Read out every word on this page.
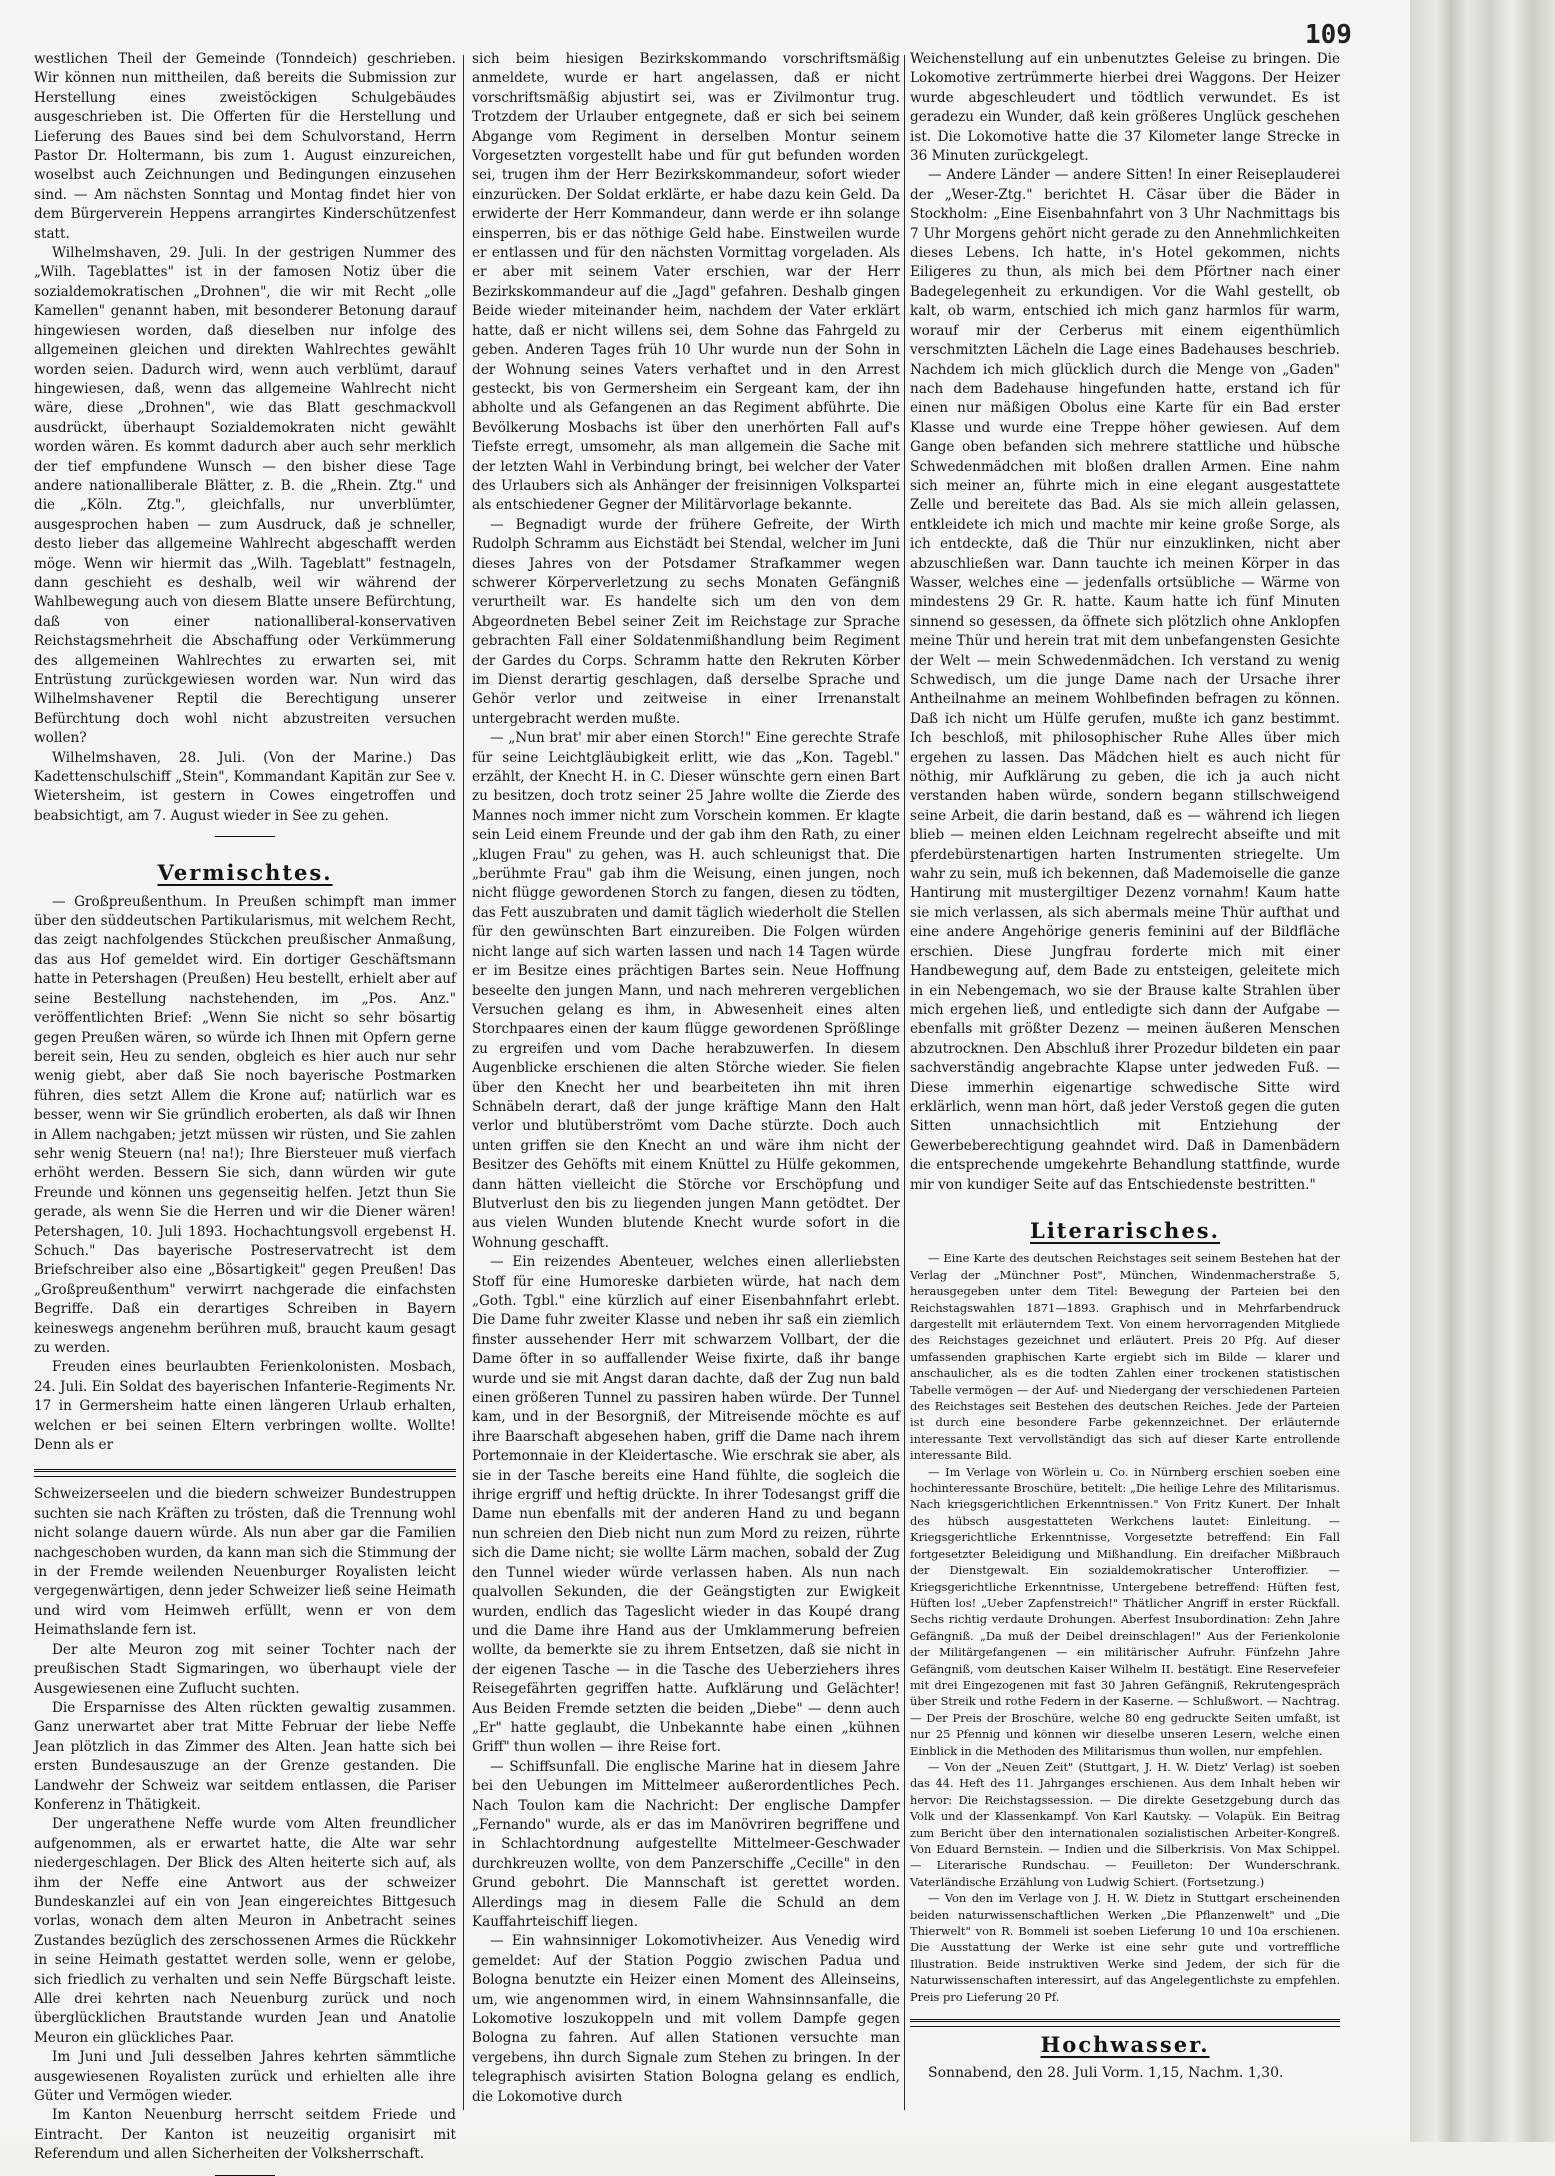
109

westlichen Theil der Gemeinde (Tonndeich) geschrieben. Wir können nun mittheilen, daß bereits die Submission zur Herstellung eines zweistöckigen Schulgebäudes ausgeschrieben ist. Die Offerten für die Herstellung und Lieferung des Baues sind bei dem Schulvorstand, Herrn Pastor Dr. Holtermann, bis zum 1. August einzureichen, woselbst auch Zeichnungen und Bedingungen einzusehen sind. — Am nächsten Sonntag und Montag findet hier von dem Bürgerverein Heppens arrangirtes Kinderschützenfest statt.

Wilhelmshaven, 29. Juli. In der gestrigen Nummer des „Wilh. Tageblattes" ist in der famosen Notiz über die sozialdemokratischen „Drohnen", die wir mit Recht „olle Kamellen" genannt haben, mit besonderer Betonung darauf hingewiesen worden, daß dieselben nur infolge des allgemeinen gleichen und direkten Wahlrechtes gewählt worden seien. Dadurch wird, wenn auch verblümt, darauf hingewiesen, daß, wenn das allgemeine Wahlrecht nicht wäre, diese „Drohnen", wie das Blatt geschmackvoll ausdrückt, überhaupt Sozialdemokraten nicht gewählt worden wären. Es kommt dadurch aber auch sehr merklich der tief empfundene Wunsch — den bisher diese Tage andere nationalliberale Blätter, z. B. die „Rhein. Ztg." und die „Köln. Ztg.", gleichfalls, nur unverblümter, ausgesprochen haben — zum Ausdruck, daß je schneller, desto lieber das allgemeine Wahlrecht abgeschafft werden möge. Wenn wir hiermit das „Wilh. Tageblatt" festnageln, dann geschieht es deshalb, weil wir während der Wahlbewegung auch von diesem Blatte unsere Befürchtung, daß von einer nationalliberal-konservativen Reichstagsmehrheit die Abschaffung oder Verkümmerung des allgemeinen Wahlrechtes zu erwarten sei, mit Entrüstung zurückgewiesen worden war. Nun wird das Wilhelmshavener Reptil die Berechtigung unserer Befürchtung doch wohl nicht abzustreiten versuchen wollen?

Wilhelmshaven, 28. Juli. (Von der Marine.) Das Kadettenschulschiff „Stein", Kommandant Kapitän zur See v. Wietersheim, ist gestern in Cowes eingetroffen und beabsichtigt, am 7. August wieder in See zu gehen.

Vermischtes.

— Großpreußenthum. In Preußen schimpft man immer über den süddeutschen Partikularismus, mit welchem Recht, das zeigt nachfolgendes Stückchen preußischer Anmaßung, das aus Hof gemeldet wird. Ein dortiger Geschäftsmann hatte in Petershagen (Preußen) Heu bestellt, erhielt aber auf seine Bestellung nachstehenden, im „Pos. Anz." veröffentlichten Brief: „Wenn Sie nicht so sehr bösartig gegen Preußen wären, so würde ich Ihnen mit Opfern gerne bereit sein, Heu zu senden, obgleich es hier auch nur sehr wenig giebt, aber daß Sie noch bayerische Postmarken führen, dies setzt Allem die Krone auf; natürlich war es besser, wenn wir Sie gründlich eroberten, als daß wir Ihnen in Allem nachgaben; jetzt müssen wir rüsten, und Sie zahlen sehr wenig Steuern (na! na!); Ihre Biersteuer muß vierfach erhöht werden. Bessern Sie sich, dann würden wir gute Freunde und können uns gegenseitig helfen. Jetzt thun Sie gerade, als wenn Sie die Herren und wir die Diener wären! Petershagen, 10. Juli 1893. Hochachtungsvoll ergebenst H. Schuch." Das bayerische Postreservatrecht ist dem Briefschreiber also eine „Bösartigkeit" gegen Preußen! Das „Großpreußenthum" verwirrt nachgerade die einfachsten Begriffe. Daß ein derartiges Schreiben in Bayern keineswegs angenehm berühren muß, braucht kaum gesagt zu werden.

Freuden eines beurlaubten Ferienkolonisten. Mosbach, 24. Juli. Ein Soldat des bayerischen Infanterie-Regiments Nr. 17 in Germersheim hatte einen längeren Urlaub erhalten, welchen er bei seinen Eltern verbringen wollte. Wollte! Denn als er

Schweizerseelen und die biedern schweizer Bundestruppen suchten sie nach Kräften zu trösten, daß die Trennung wohl nicht solange dauern würde. Als nun aber gar die Familien nachgeschoben wurden, da kann man sich die Stimmung der in der Fremde weilenden Neuenburger Royalisten leicht vergegenwärtigen, denn jeder Schweizer ließ seine Heimath und wird vom Heimweh erfüllt, wenn er von dem Heimathslande fern ist.

Der alte Meuron zog mit seiner Tochter nach der preußischen Stadt Sigmaringen, wo überhaupt viele der Ausgewiesenen eine Zuflucht suchten.

Die Ersparnisse des Alten rückten gewaltig zusammen. Ganz unerwartet aber trat Mitte Februar der liebe Neffe Jean plötzlich in das Zimmer des Alten. Jean hatte sich bei ersten Bundesauszuge an der Grenze gestanden. Die Landwehr der Schweiz war seitdem entlassen, die Pariser Konferenz in Thätigkeit.

Der ungerathene Neffe wurde vom Alten freundlicher aufgenommen, als er erwartet hatte, die Alte war sehr niedergeschlagen. Der Blick des Alten heiterte sich auf, als ihm der Neffe eine Antwort aus der schweizer Bundeskanzlei auf ein von Jean eingereichtes Bittgesuch vorlas, wonach dem alten Meuron in Anbetracht seines Zustandes bezüglich des zerschossenen Armes die Rückkehr in seine Heimath gestattet werden solle, wenn er gelobe, sich friedlich zu verhalten und sein Neffe Bürgschaft leiste. Alle drei kehrten nach Neuenburg zurück und noch überglücklichen Brautstande wurden Jean und Anatolie Meuron ein glückliches Paar.

Im Juni und Juli desselben Jahres kehrten sämmtliche ausgewiesenen Royalisten zurück und erhielten alle ihre Güter und Vermögen wieder.

Im Kanton Neuenburg herrscht seitdem Friede und Eintracht. Der Kanton ist neuzeitig organisirt mit Referendum und allen Sicherheiten der Volksherrschaft.

sich beim hiesigen Bezirkskommando vorschriftsmäßig anmeldete, wurde er hart angelassen, daß er nicht vorschriftsmäßig abjustirt sei, was er Zivilmontur trug. Trotzdem der Urlauber entgegnete, daß er sich bei seinem Abgange vom Regiment in derselben Montur seinem Vorgesetzten vorgestellt habe und für gut befunden worden sei, trugen ihm der Herr Bezirkskommandeur, sofort wieder einzurücken. Der Soldat erklärte, er habe dazu kein Geld. Da erwiderte der Herr Kommandeur, dann werde er ihn solange einsperren, bis er das nöthige Geld habe. Einstweilen wurde er entlassen und für den nächsten Vormittag vorgeladen. Als er aber mit seinem Vater erschien, war der Herr Bezirkskommandeur auf die „Jagd" gefahren. Deshalb gingen Beide wieder miteinander heim, nachdem der Vater erklärt hatte, daß er nicht willens sei, dem Sohne das Fahrgeld zu geben. Anderen Tages früh 10 Uhr wurde nun der Sohn in der Wohnung seines Vaters verhaftet und in den Arrest gesteckt, bis von Germersheim ein Sergeant kam, der ihn abholte und als Gefangenen an das Regiment abführte. Die Bevölkerung Mosbachs ist über den unerhörten Fall auf's Tiefste erregt, umsomehr, als man allgemein die Sache mit der letzten Wahl in Verbindung bringt, bei welcher der Vater des Urlaubers sich als Anhänger der freisinnigen Volkspartei als entschiedener Gegner der Militärvorlage bekannte.

— Begnadigt wurde der frühere Gefreite, der Wirth Rudolph Schramm aus Eichstädt bei Stendal, welcher im Juni dieses Jahres von der Potsdamer Strafkammer wegen schwerer Körperverletzung zu sechs Monaten Gefängniß verurtheilt war. Es handelte sich um den von dem Abgeordneten Bebel seiner Zeit im Reichstage zur Sprache gebrachten Fall einer Soldatenmißhandlung beim Regiment der Gardes du Corps. Schramm hatte den Rekruten Körber im Dienst derartig geschlagen, daß derselbe Sprache und Gehör verlor und zeitweise in einer Irrenanstalt untergebracht werden mußte.

— „Nun brat' mir aber einen Storch!" Eine gerechte Strafe für seine Leichtgläubigkeit erlitt, wie das „Kon. Tagebl." erzählt, der Knecht H. in C. Dieser wünschte gern einen Bart zu besitzen, doch trotz seiner 25 Jahre wollte die Zierde des Mannes noch immer nicht zum Vorschein kommen. Er klagte sein Leid einem Freunde und der gab ihm den Rath, zu einer „klugen Frau" zu gehen, was H. auch schleunigst that. Die „berühmte Frau" gab ihm die Weisung, einen jungen, noch nicht flügge gewordenen Storch zu fangen, diesen zu tödten, das Fett auszubraten und damit täglich wiederholt die Stellen für den gewünschten Bart einzureiben. Die Folgen würden nicht lange auf sich warten lassen und nach 14 Tagen würde er im Besitze eines prächtigen Bartes sein. Neue Hoffnung beseelte den jungen Mann, und nach mehreren vergeblichen Versuchen gelang es ihm, in Abwesenheit eines alten Storchpaares einen der kaum flügge gewordenen Sprößlinge zu ergreifen und vom Dache herabzuwerfen. In diesem Augenblicke erschienen die alten Störche wieder. Sie fielen über den Knecht her und bearbeiteten ihn mit ihren Schnäbeln derart, daß der junge kräftige Mann den Halt verlor und blutüberströmt vom Dache stürzte. Doch auch unten griffen sie den Knecht an und wäre ihm nicht der Besitzer des Gehöfts mit einem Knüttel zu Hülfe gekommen, dann hätten vielleicht die Störche vor Erschöpfung und Blutverlust den bis zu liegenden jungen Mann getödtet. Der aus vielen Wunden blutende Knecht wurde sofort in die Wohnung geschafft.

— Ein reizendes Abenteuer, welches einen allerliebsten Stoff für eine Humoreske darbieten würde, hat nach dem „Goth. Tgbl." eine kürzlich auf einer Eisenbahnfahrt erlebt. Die Dame fuhr zweiter Klasse und neben ihr saß ein ziemlich finster aussehender Herr mit schwarzem Vollbart, der die Dame öfter in so auffallender Weise fixirte, daß ihr bange wurde und sie mit Angst daran dachte, daß der Zug nun bald einen größeren Tunnel zu passiren haben würde. Der Tunnel kam, und in der Besorgniß, der Mitreisende möchte es auf ihre Baarschaft abgesehen haben, griff die Dame nach ihrem Portemonnaie in der Kleidertasche. Wie erschrak sie aber, als sie in der Tasche bereits eine Hand fühlte, die sogleich die ihrige ergriff und heftig drückte. In ihrer Todesangst griff die Dame nun ebenfalls mit der anderen Hand zu und begann nun schreien den Dieb nicht nun zum Mord zu reizen, rührte sich die Dame nicht; sie wollte Lärm machen, sobald der Zug den Tunnel wieder würde verlassen haben. Als nun nach qualvollen Sekunden, die der Geängstigten zur Ewigkeit wurden, endlich das Tageslicht wieder in das Koupé drang und die Dame ihre Hand aus der Umklammerung befreien wollte, da bemerkte sie zu ihrem Entsetzen, daß sie nicht in der eigenen Tasche — in die Tasche des Ueberziehers ihres Reisegefährten gegriffen hatte. Aufklärung und Gelächter! Aus Beiden Fremde setzten die beiden „Diebe" — denn auch „Er" hatte geglaubt, die Unbekannte habe einen „kühnen Griff" thun wollen — ihre Reise fort.

— Schiffsunfall. Die englische Marine hat in diesem Jahre bei den Uebungen im Mittelmeer außerordentliches Pech. Nach Toulon kam die Nachricht: Der englische Dampfer „Fernando" wurde, als er das im Manövriren begriffene und in Schlachtordnung aufgestellte Mittelmeer-Geschwader durchkreuzen wollte, von dem Panzerschiffe „Cecille" in den Grund gebohrt. Die Mannschaft ist gerettet worden. Allerdings mag in diesem Falle die Schuld an dem Kauffahrteischiff liegen.

— Ein wahnsinniger Lokomotivheizer. Aus Venedig wird gemeldet: Auf der Station Poggio zwischen Padua und Bologna benutzte ein Heizer einen Moment des Alleinseins, um, wie angenommen wird, in einem Wahnsinnsanfalle, die Lokomotive loszukoppeln und mit vollem Dampfe gegen Bologna zu fahren. Auf allen Stationen versuchte man vergebens, ihn durch Signale zum Stehen zu bringen. In der telegraphisch avisirten Station Bologna gelang es endlich, die Lokomotive durch

Weichenstellung auf ein unbenutztes Geleise zu bringen. Die Lokomotive zertrümmerte hierbei drei Waggons. Der Heizer wurde abgeschleudert und tödtlich verwundet. Es ist geradezu ein Wunder, daß kein größeres Unglück geschehen ist. Die Lokomotive hatte die 37 Kilometer lange Strecke in 36 Minuten zurückgelegt.

— Andere Länder — andere Sitten! In einer Reiseplauderei der „Weser-Ztg." berichtet H. Cäsar über die Bäder in Stockholm: „Eine Eisenbahnfahrt von 3 Uhr Nachmittags bis 7 Uhr Morgens gehört nicht gerade zu den Annehmlichkeiten dieses Lebens. Ich hatte, in's Hotel gekommen, nichts Eiligeres zu thun, als mich bei dem Pförtner nach einer Badegelegenheit zu erkundigen. Vor die Wahl gestellt, ob kalt, ob warm, entschied ich mich ganz harmlos für warm, worauf mir der Cerberus mit einem eigenthümlich verschmitzten Lächeln die Lage eines Badehauses beschrieb. Nachdem ich mich glücklich durch die Menge von „Gaden" nach dem Badehause hingefunden hatte, erstand ich für einen nur mäßigen Obolus eine Karte für ein Bad erster Klasse und wurde eine Treppe höher gewiesen. Auf dem Gange oben befanden sich mehrere stattliche und hübsche Schwedenmädchen mit bloßen drallen Armen. Eine nahm sich meiner an, führte mich in eine elegant ausgestattete Zelle und bereitete das Bad. Als sie mich allein gelassen, entkleidete ich mich und machte mir keine große Sorge, als ich entdeckte, daß die Thür nur einzuklinken, nicht aber abzuschließen war. Dann tauchte ich meinen Körper in das Wasser, welches eine — jedenfalls ortsübliche — Wärme von mindestens 29 Gr. R. hatte. Kaum hatte ich fünf Minuten sinnend so gesessen, da öffnete sich plötzlich ohne Anklopfen meine Thür und herein trat mit dem unbefangensten Gesichte der Welt — mein Schwedenmädchen. Ich verstand zu wenig Schwedisch, um die junge Dame nach der Ursache ihrer Antheilnahme an meinem Wohlbefinden befragen zu können. Daß ich nicht um Hülfe gerufen, mußte ich ganz bestimmt. Ich beschloß, mit philosophischer Ruhe Alles über mich ergehen zu lassen. Das Mädchen hielt es auch nicht für nöthig, mir Aufklärung zu geben, die ich ja auch nicht verstanden haben würde, sondern begann stillschweigend seine Arbeit, die darin bestand, daß es — während ich liegen blieb — meinen elden Leichnam regelrecht abseifte und mit pferdebürstenartigen harten Instrumenten striegelte. Um wahr zu sein, muß ich bekennen, daß Mademoiselle die ganze Hantirung mit mustergiltiger Dezenz vornahm! Kaum hatte sie mich verlassen, als sich abermals meine Thür aufthat und eine andere Angehörige generis feminini auf der Bildfläche erschien. Diese Jungfrau forderte mich mit einer Handbewegung auf, dem Bade zu entsteigen, geleitete mich in ein Nebengemach, wo sie der Brause kalte Strahlen über mich ergehen ließ, und entledigte sich dann der Aufgabe — ebenfalls mit größter Dezenz — meinen äußeren Menschen abzutrocknen. Den Abschluß ihrer Prozedur bildeten ein paar sachverständig angebrachte Klapse unter jedweden Fuß. — Diese immerhin eigenartige schwedische Sitte wird erklärlich, wenn man hört, daß jeder Verstoß gegen die guten Sitten unnachsichtlich mit Entziehung der Gewerbeberechtigung geahndet wird. Daß in Damenbädern die entsprechende umgekehrte Behandlung stattfinde, wurde mir von kundiger Seite auf das Entschiedenste bestritten."

Literarisches.

— Eine Karte des deutschen Reichstages seit seinem Bestehen hat der Verlag der „Münchner Post", München, Windenmacherstraße 5, herausgegeben unter dem Titel: Bewegung der Parteien bei den Reichstagswahlen 1871—1893. Graphisch und in Mehrfarbendruck dargestellt mit erläuterndem Text. Von einem hervorragenden Mitgliede des Reichstages gezeichnet und erläutert. Preis 20 Pfg. Auf dieser umfassenden graphischen Karte ergiebt sich im Bilde — klarer und anschaulicher, als es die todten Zahlen einer trockenen statistischen Tabelle vermögen — der Auf- und Niedergang der verschiedenen Parteien des Reichstages seit Bestehen des deutschen Reiches. Jede der Parteien ist durch eine besondere Farbe gekennzeichnet. Der erläuternde interessante Text vervollständigt das sich auf dieser Karte entrollende interessante Bild.

— Im Verlage von Wörlein u. Co. in Nürnberg erschien soeben eine hochinteressante Broschüre, betitelt: „Die heilige Lehre des Militarismus. Nach kriegsgerichtlichen Erkenntnissen." Von Fritz Kunert. Der Inhalt des hübsch ausgestatteten Werkchens lautet: Einleitung. — Kriegsgerichtliche Erkenntnisse, Vorgesetzte betreffend: Ein Fall fortgesetzter Beleidigung und Mißhandlung. Ein dreifacher Mißbrauch der Dienstgewalt. Ein sozialdemokratischer Unteroffizier. — Kriegsgerichtliche Erkenntnisse, Untergebene betreffend: Hüften fest, Hüften los! „Ueber Zapfenstreich!" Thätlicher Angriff in erster Rückfall. Sechs richtig verdaute Drohungen. Aberfest Insubordination: Zehn Jahre Gefängniß. „Da muß der Deibel dreinschlagen!" Aus der Ferienkolonie der Militärgefangenen — ein militärischer Aufruhr. Fünfzehn Jahre Gefängniß, vom deutschen Kaiser Wilhelm II. bestätigt. Eine Reservefeier mit drei Eingezogenen mit fast 30 Jahren Gefängniß, Rekrutengespräch über Streik und rothe Federn in der Kaserne. — Schlußwort. — Nachtrag. — Der Preis der Broschüre, welche 80 eng gedruckte Seiten umfaßt, ist nur 25 Pfennig und können wir dieselbe unseren Lesern, welche einen Einblick in die Methoden des Militarismus thun wollen, nur empfehlen.

— Von der „Neuen Zeit" (Stuttgart, J. H. W. Dietz' Verlag) ist soeben das 44. Heft des 11. Jahrganges erschienen. Aus dem Inhalt heben wir hervor: Die Reichstagssession. — Die direkte Gesetzgebung durch das Volk und der Klassenkampf. Von Karl Kautsky. — Volapük. Ein Beitrag zum Bericht über den internationalen sozialistischen Arbeiter-Kongreß. Von Eduard Bernstein. — Indien und die Silberkrisis. Von Max Schippel. — Literarische Rundschau. — Feuilleton: Der Wunderschrank. Vaterländische Erzählung von Ludwig Schiert. (Fortsetzung.)

— Von den im Verlage von J. H. W. Dietz in Stuttgart erscheinenden beiden naturwissenschaftlichen Werken „Die Pflanzenwelt" und „Die Thierwelt" von R. Bommeli ist soeben Lieferung 10 und 10a erschienen. Die Ausstattung der Werke ist eine sehr gute und vortreffliche Illustration. Beide instruktiven Werke sind Jedem, der sich für die Naturwissenschaften interessirt, auf das Angelegentlichste zu empfehlen. Preis pro Lieferung 20 Pf.

Hochwasser.

Sonnabend, den 28. Juli Vorm. 1,15, Nachm. 1,30.
